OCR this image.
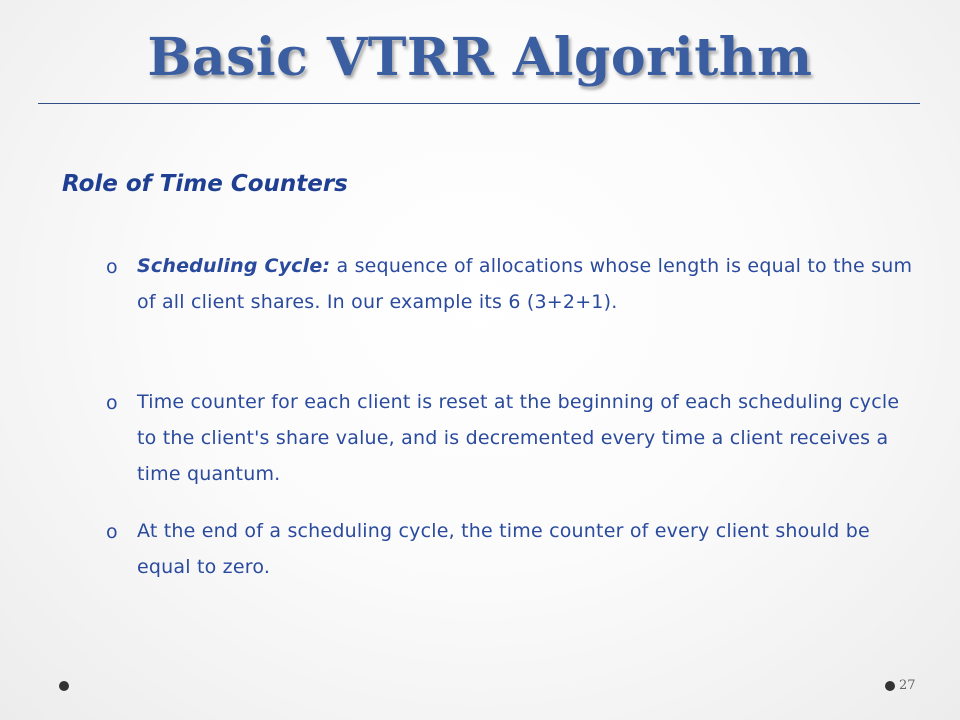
Basic VTRR Algorithm
Role of Time Counters
o Scheduling Cycle: a sequence of allocations whose length is equal to the sum of all client shares. In our example its 6 (3+2+1).
o Time counter for each client is reset at the beginning of each scheduling cycle to the client's share value, and is decremented every time a client receives a time quantum.
o At the end of a scheduling cycle, the time counter of every client should be equal to zero.
27
